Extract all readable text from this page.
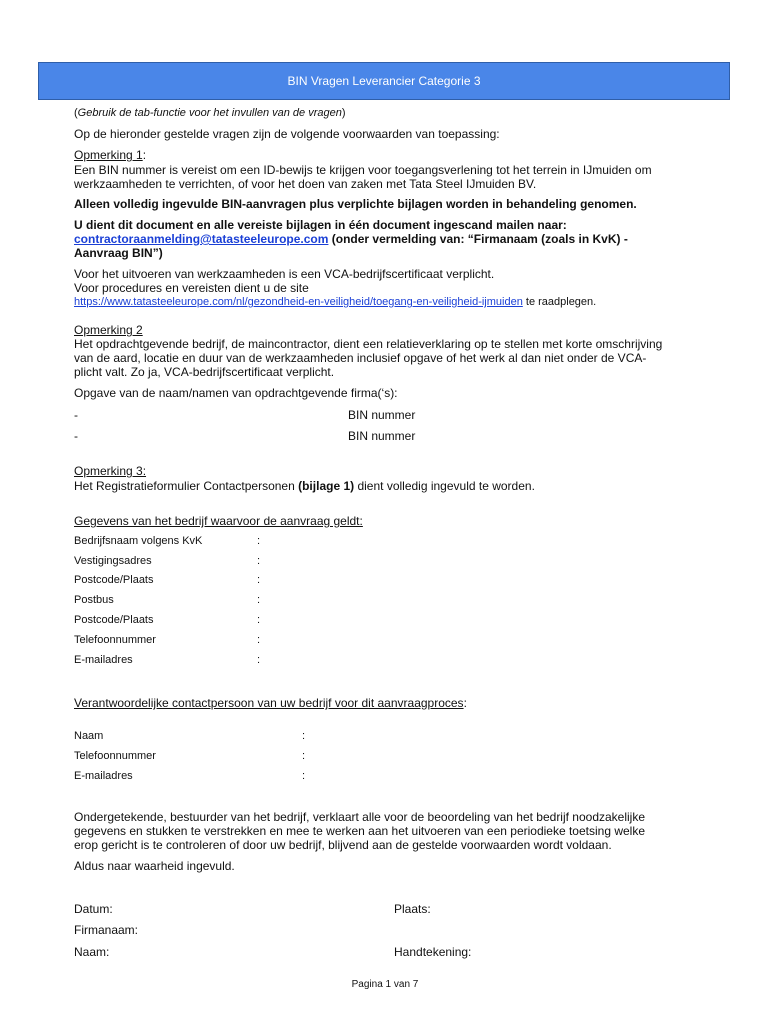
BIN Vragen Leverancier Categorie 3
(Gebruik de tab-functie voor het invullen van de vragen)
Op de hieronder gestelde vragen zijn de volgende voorwaarden van toepassing:
Opmerking 1:
Een BIN nummer is vereist om een ID-bewijs te krijgen voor toegangsverlening tot het terrein in IJmuiden om
werkzaamheden te verrichten, of voor het doen van zaken met Tata Steel IJmuiden BV.
Alleen volledig ingevulde BIN-aanvragen plus verplichte bijlagen worden in behandeling genomen.
U dient dit document en alle vereiste bijlagen in één document ingescand mailen naar:
contractoraanmelding@tatasteeleurope.com (onder vermelding van: “Firmanaam (zoals in KvK) -
Aanvraag BIN”)
Voor het uitvoeren van werkzaamheden is een VCA-bedrijfscertificaat verplicht.
Voor procedures en vereisten dient u de site
https://www.tatasteeleurope.com/nl/gezondheid-en-veiligheid/toegang-en-veiligheid-ijmuiden te raadplegen.
Opmerking 2
Het opdrachtgevende bedrijf, de maincontractor, dient een relatieverklaring op te stellen met korte omschrijving
van de aard, locatie en duur van de werkzaamheden inclusief opgave of het werk al dan niet onder de VCA-
plicht valt. Zo ja, VCA-bedrijfscertificaat verplicht.
Opgave van de naam/namen van opdrachtgevende firma(‘s):
-	BIN nummer
-	BIN nummer
Opmerking 3:
Het Registratieformulier Contactpersonen (bijlage 1) dient volledig ingevuld te worden.
Gegevens van het bedrijf waarvoor de aanvraag geldt:
Bedrijfsnaam volgens KvK	:
Vestigingsadres	:
Postcode/Plaats	:
Postbus	:
Postcode/Plaats	:
Telefoonnummer	:
E-mailadres	:
Verantwoordelijke contactpersoon van uw bedrijf voor dit aanvraagproces:
Naam	:
Telefoonnummer	:
E-mailadres	:
Ondergetekende, bestuurder van het bedrijf, verklaart alle voor de beoordeling van het bedrijf noodzakelijke
gegevens en stukken te verstrekken en mee te werken aan het uitvoeren van een periodieke toetsing welke
erop gericht is te controleren of door uw bedrijf, blijvend aan de gestelde voorwaarden wordt voldaan.
Aldus naar waarheid ingevuld.
Datum:	Plaats:
Firmanaam:
Naam:	Handtekening:
Pagina 1 van 7
